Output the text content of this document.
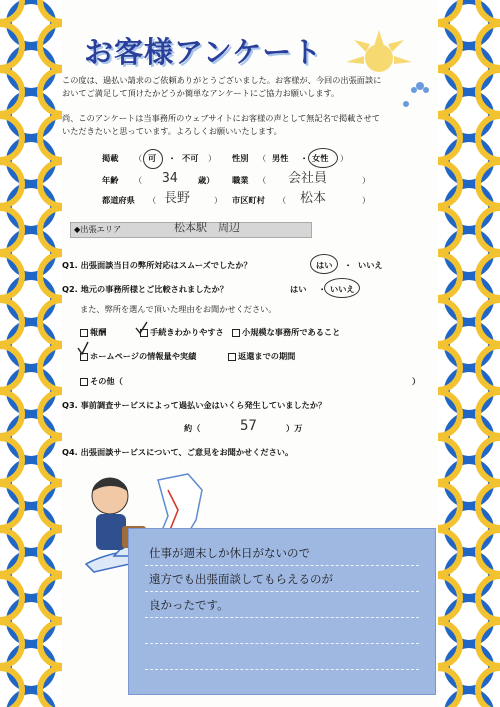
お客様アンケート
この度は、過払い請求のご依頼ありがとうございました。お客様が、今回の出張面談に
おいてご満足して頂けたかどうか簡単なアンケートにご協力お願いします。
尚、このアンケートは当事務所のウェブサイトにお客様の声として無記名で掲載させて
いただきたいと思っています。よろしくお願いいたします。
掲載 （ 可 ・ 不可 ） 性別 （ 男性 ・ 女性 ）
年齢 （ 34 歳） 職業 （ 会社員	）
都道府県 （ 長野	） 市区町村 （ 松本	）
◆出張エリア	松本駅　周辺
Q1. 出張面談当日の弊所対応はスムーズでしたか？	はい ・ いいえ
Q2. 地元の事務所様とご比較されましたか？	はい ・ いいえ
また、弊所を選んで頂いた理由をお聞かせください。
報酬	手続きわかりやすさ	小規模な事務所であること
ホームページの情報量や実績	返還までの期間
その他（	）
Q3. 事前調査サービスによって過払い金はいくら発生していましたか？
約（	57	）万
Q4. 出張面談サービスについて、ご意見をお聞かせください。
仕事が週末しか休日がないので
遠方でも出張面談してもらえるのが
良かったです。
